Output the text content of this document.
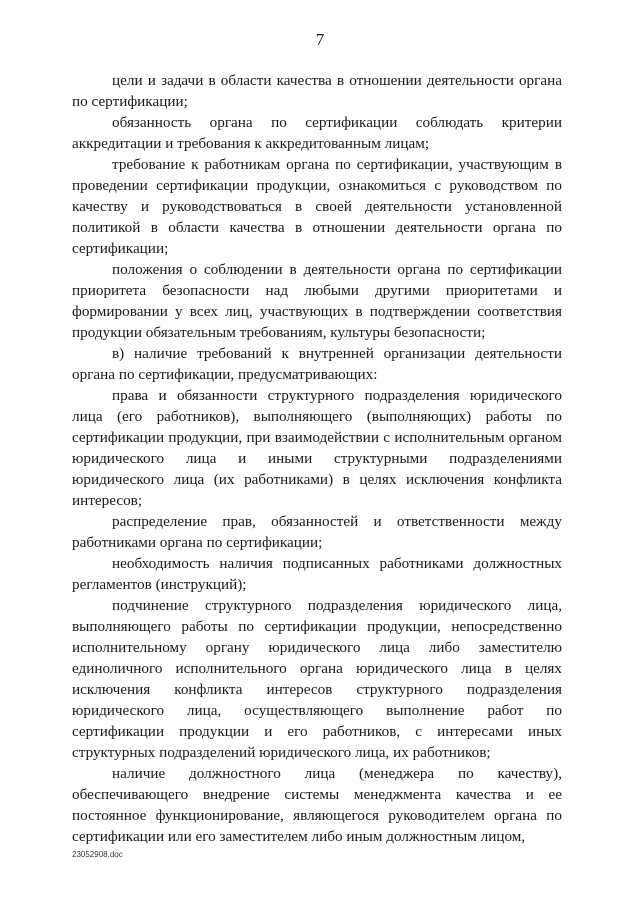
7

цели и задачи в области качества в отношении деятельности органа по сертификации;

обязанность органа по сертификации соблюдать критерии аккредитации и требования к аккредитованным лицам;

требование к работникам органа по сертификации, участвующим в проведении сертификации продукции, ознакомиться с руководством по качеству и руководствоваться в своей деятельности установленной политикой в области качества в отношении деятельности органа по сертификации;

положения о соблюдении в деятельности органа по сертификации приоритета безопасности над любыми другими приоритетами и формировании у всех лиц, участвующих в подтверждении соответствия продукции обязательным требованиям, культуры безопасности;

в) наличие требований к внутренней организации деятельности органа по сертификации, предусматривающих:

права и обязанности структурного подразделения юридического лица (его работников), выполняющего (выполняющих) работы по сертификации продукции, при взаимодействии с исполнительным органом юридического лица и иными структурными подразделениями юридического лица (их работниками) в целях исключения конфликта интересов;

распределение прав, обязанностей и ответственности между работниками органа по сертификации;

необходимость наличия подписанных работниками должностных регламентов (инструкций);

подчинение структурного подразделения юридического лица, выполняющего работы по сертификации продукции, непосредственно исполнительному органу юридического лица либо заместителю единоличного исполнительного органа юридического лица в целях исключения конфликта интересов структурного подразделения юридического лица, осуществляющего выполнение работ по сертификации продукции и его работников, с интересами иных структурных подразделений юридического лица, их работников;

наличие должностного лица (менеджера по качеству), обеспечивающего внедрение системы менеджмента качества и ее постоянное функционирование, являющегося руководителем органа по сертификации или его заместителем либо иным должностным лицом,

23052908.doc
